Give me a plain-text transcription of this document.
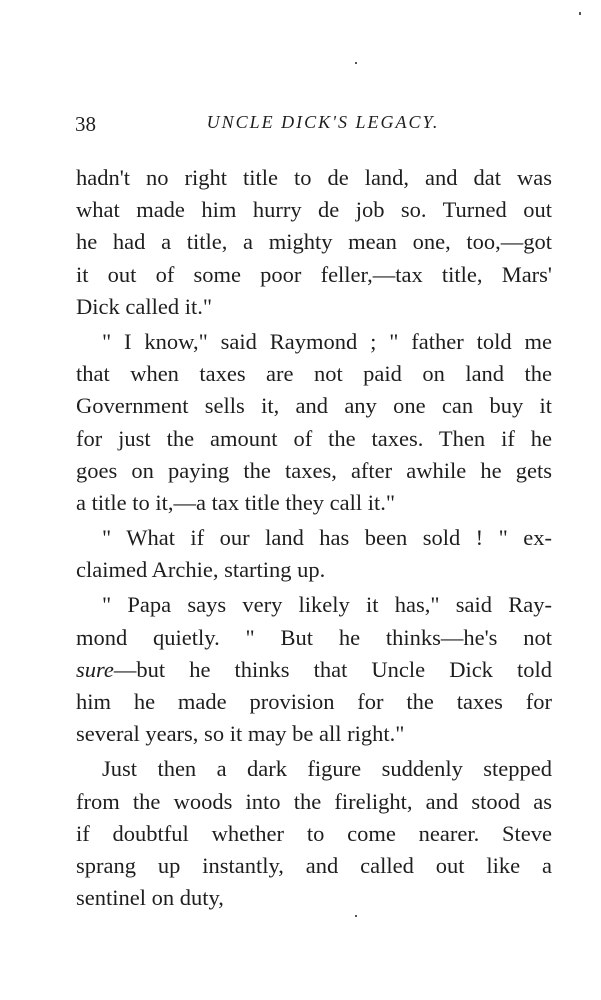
38	UNCLE DICK'S LEGACY.
hadn't no right title to de land, and dat was
what made him hurry de job so. Turned out
he had a title, a mighty mean one, too,—got
it out of some poor feller,—tax title, Mars'
Dick called it."
" I know," said Raymond ; " father told me
that when taxes are not paid on land the
Government sells it, and any one can buy it
for just the amount of the taxes. Then if he
goes on paying the taxes, after awhile he gets
a title to it,—a tax title they call it."
" What if our land has been sold ! " ex-
claimed Archie, starting up.
" Papa says very likely it has," said Ray-
mond quietly. " But he thinks—he's not
sure—but he thinks that Uncle Dick told
him he made provision for the taxes for
several years, so it may be all right."
Just then a dark figure suddenly stepped
from the woods into the firelight, and stood as
if doubtful whether to come nearer. Steve
sprang up instantly, and called out like a
sentinel on duty,
